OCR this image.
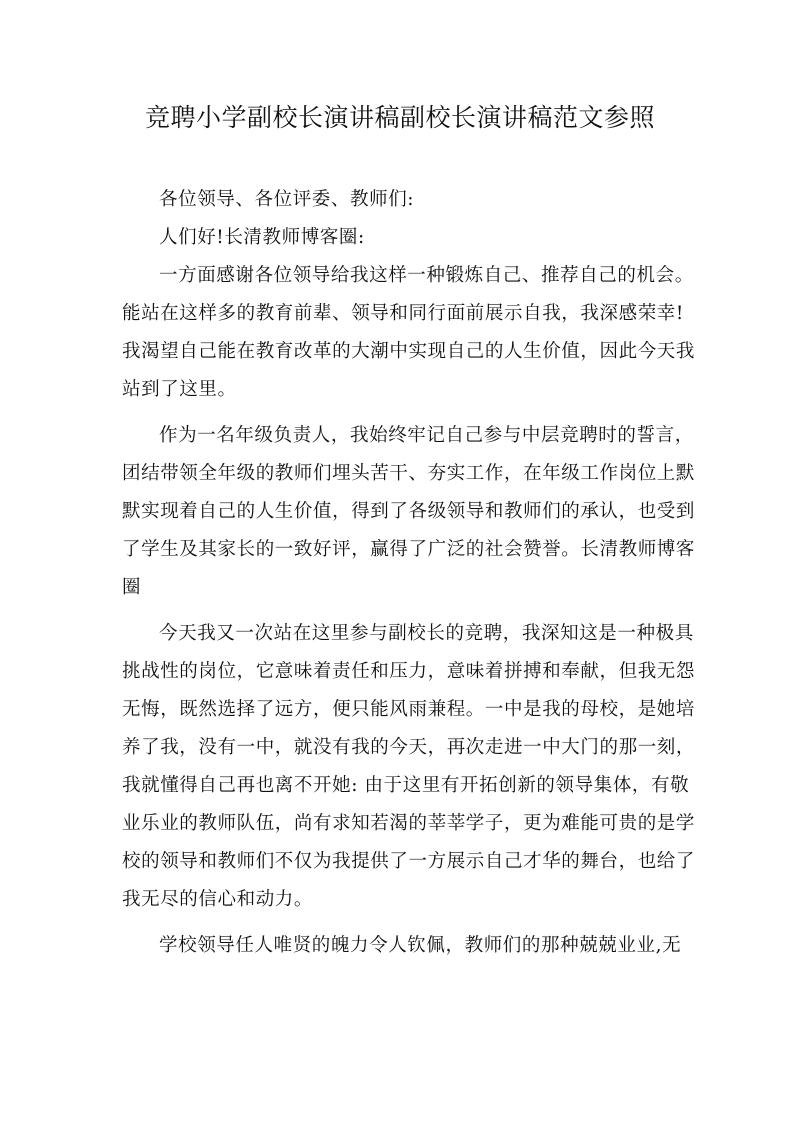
竞聘小学副校长演讲稿副校长演讲稿范文参照
各位领导、各位评委、教师们:
人们好!长清教师博客圈:
一方面感谢各位领导给我这样一种锻炼自己、推荐自己的机会。
能站在这样多的教育前辈、领导和同行面前展示自我，我深感荣幸!
我渴望自己能在教育改革的大潮中实现自己的人生价值，因此今天我
站到了这里。
作为一名年级负责人，我始终牢记自己参与中层竞聘时的誓言，
团结带领全年级的教师们埋头苦干、夯实工作，在年级工作岗位上默
默实现着自己的人生价值，得到了各级领导和教师们的承认，也受到
了学生及其家长的一致好评，赢得了广泛的社会赞誉。长清教师博客
圈
今天我又一次站在这里参与副校长的竞聘，我深知这是一种极具
挑战性的岗位，它意味着责任和压力，意味着拼搏和奉献，但我无怨
无悔，既然选择了远方，便只能风雨兼程。一中是我的母校，是她培
养了我，没有一中，就没有我的今天，再次走进一中大门的那一刻，
我就懂得自己再也离不开她: 由于这里有开拓创新的领导集体，有敬
业乐业的教师队伍，尚有求知若渴的莘莘学子，更为难能可贵的是学
校的领导和教师们不仅为我提供了一方展示自己才华的舞台，也给了
我无尽的信心和动力。
学校领导任人唯贤的魄力令人钦佩，教师们的那种兢兢业业,无
